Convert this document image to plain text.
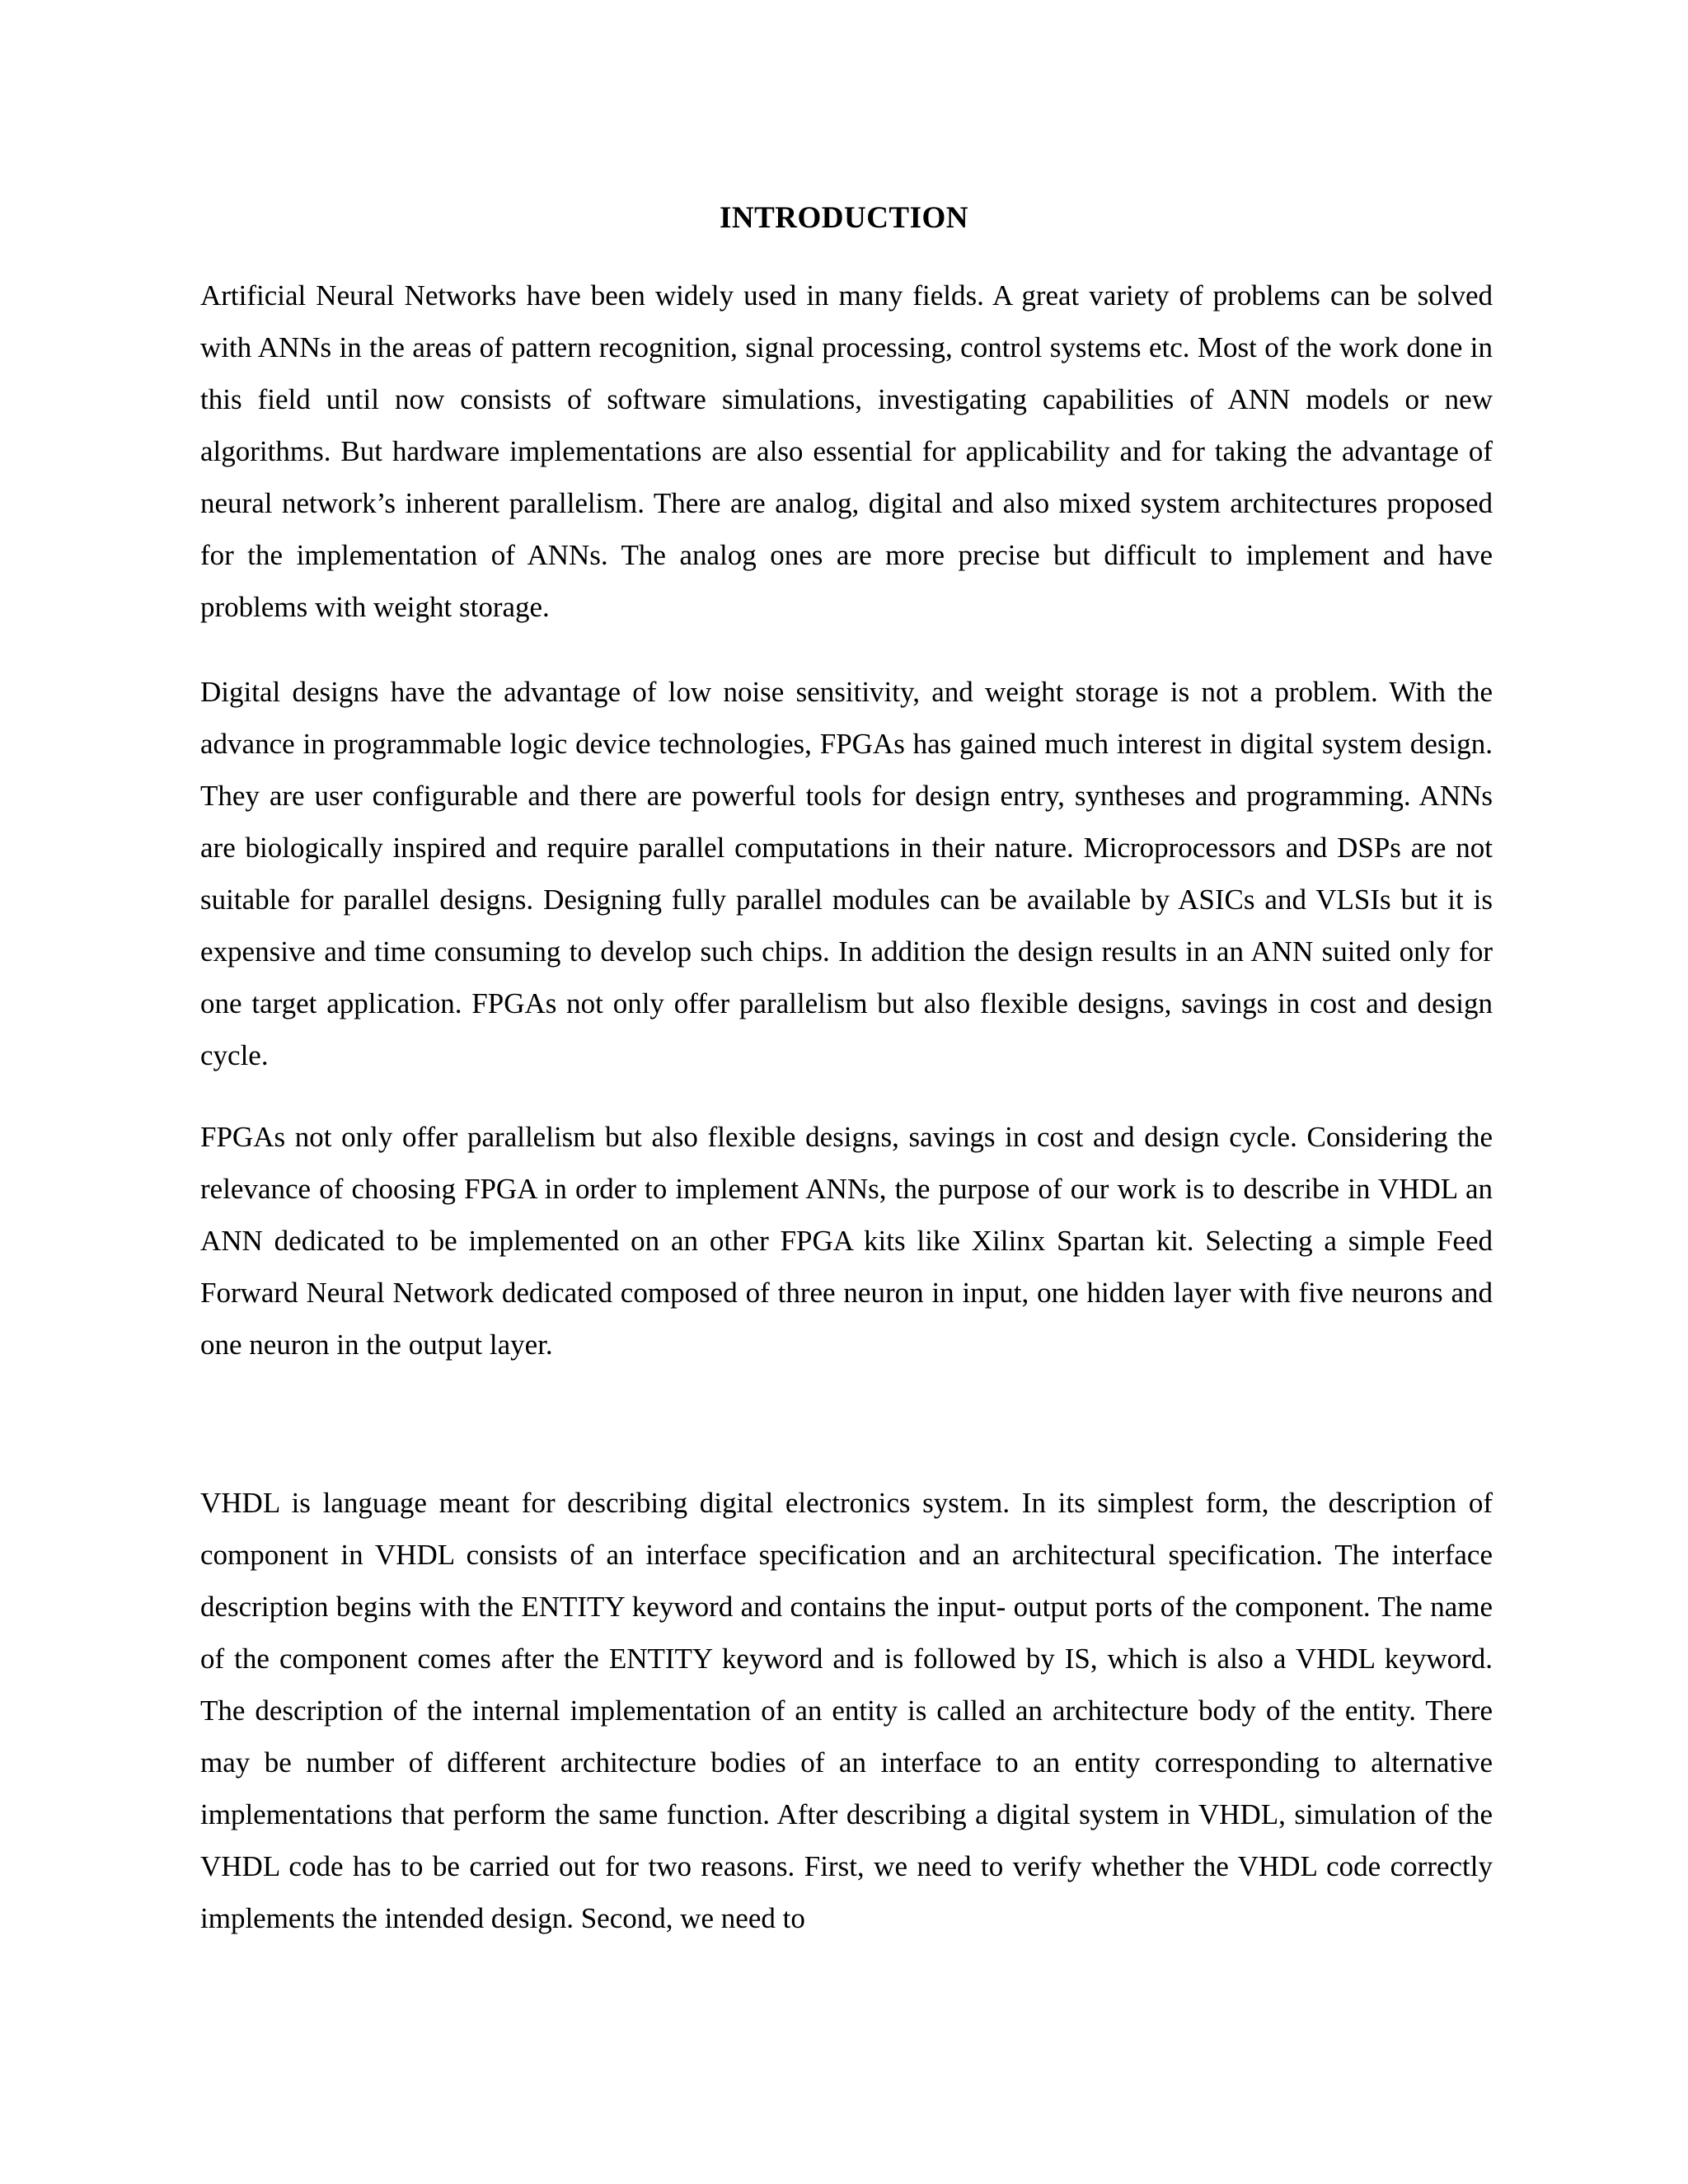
INTRODUCTION

Artificial Neural Networks have been widely used in many fields. A great variety of problems can be solved with ANNs in the areas of pattern recognition, signal processing, control systems etc. Most of the work done in this field until now consists of software simulations, investigating capabilities of ANN models or new algorithms. But hardware implementations are also essential for applicability and for taking the advantage of neural network’s inherent parallelism. There are analog, digital and also mixed system architectures proposed for the implementation of ANNs. The analog ones are more precise but difficult to implement and have problems with weight storage.

Digital designs have the advantage of low noise sensitivity, and weight storage is not a problem. With the advance in programmable logic device technologies, FPGAs has gained much interest in digital system design. They are user configurable and there are powerful tools for design entry, syntheses and programming. ANNs are biologically inspired and require parallel computations in their nature. Microprocessors and DSPs are not suitable for parallel designs. Designing fully parallel modules can be available by ASICs and VLSIs but it is expensive and time consuming to develop such chips. In addition the design results in an ANN suited only for one target application. FPGAs not only offer parallelism but also flexible designs, savings in cost and design cycle.

FPGAs not only offer parallelism but also flexible designs, savings in cost and design cycle. Considering the relevance of choosing FPGA in order to implement ANNs, the purpose of our work is to describe in VHDL an ANN dedicated to be implemented on an other FPGA kits like Xilinx Spartan kit. Selecting a simple Feed Forward Neural Network dedicated composed of three neuron in input, one hidden layer with five neurons and one neuron in the output layer.

VHDL is language meant for describing digital electronics system. In its simplest form, the description of component in VHDL consists of an interface specification and an architectural specification. The interface description begins with the ENTITY keyword and contains the input- output ports of the component. The name of the component comes after the ENTITY keyword and is followed by IS, which is also a VHDL keyword. The description of the internal implementation of an entity is called an architecture body of the entity. There may be number of different architecture bodies of an interface to an entity corresponding to alternative implementations that perform the same function. After describing a digital system in VHDL, simulation of the VHDL code has to be carried out for two reasons. First, we need to verify whether the VHDL code correctly implements the intended design. Second, we need to
